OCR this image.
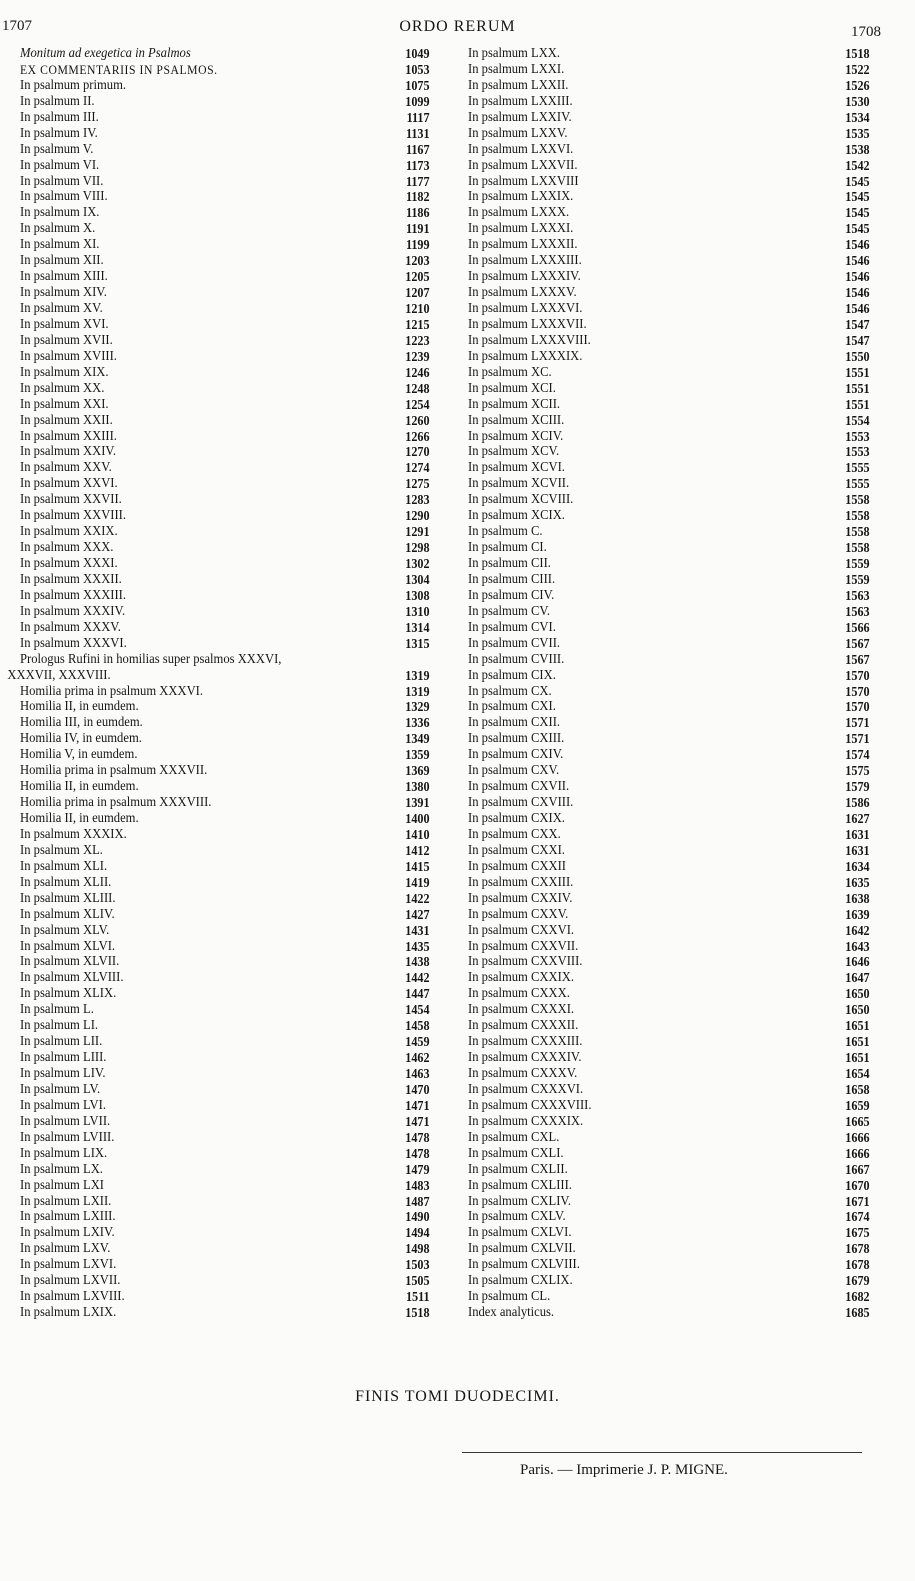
1707	ORDO RERUM	1708
Monitum ad exegetica in Psalmos	1049
EX COMMENTARIIS IN PSALMOS.	1053
In psalmum primum.	1075
In psalmum II.	1099
In psalmum III.	1117
In psalmum IV.	1131
In psalmum V.	1167
In psalmum VI.	1173
In psalmum VII.	1177
In psalmum VIII.	1182
In psalmum IX.	1186
In psalmum X.	1191
In psalmum XI.	1199
In psalmum XII.	1203
In psalmum XIII.	1205
In psalmum XIV.	1207
In psalmum XV.	1210
In psalmum XVI.	1215
In psalmum XVII.	1223
In psalmum XVIII.	1239
In psalmum XIX.	1246
In psalmum XX.	1248
In psalmum XXI.	1254
In psalmum XXII.	1260
In psalmum XXIII.	1266
In psalmum XXIV.	1270
In psalmum XXV.	1274
In psalmum XXVI.	1275
In psalmum XXVII.	1283
In psalmum XXVIII.	1290
In psalmum XXIX.	1291
In psalmum XXX.	1298
In psalmum XXXI.	1302
In psalmum XXXII.	1304
In psalmum XXXIII.	1308
In psalmum XXXIV.	1310
In psalmum XXXV.	1314
In psalmum XXXVI.	1315
Prologus Rufini in homilias super psalmos XXXVI,
XXXVII, XXXVIII.	1319
Homilia prima in psalmum XXXVI.	1319
Homilia II, in eumdem.	1329
Homilia III, in eumdem.	1336
Homilia IV, in eumdem.	1349
Homilia V, in eumdem.	1359
Homilia prima in psalmum XXXVII.	1369
Homilia II, in eumdem.	1380
Homilia prima in psalmum XXXVIII.	1391
Homilia II, in eumdem.	1400
In psalmum XXXIX.	1410
In psalmum XL.	1412
In psalmum XLI.	1415
In psalmum XLII.	1419
In psalmum XLIII.	1422
In psalmum XLIV.	1427
In psalmum XLV.	1431
In psalmum XLVI.	1435
In psalmum XLVII.	1438
In psalmum XLVIII.	1442
In psalmum XLIX.	1447
In psalmum L.	1454
In psalmum LI.	1458
In psalmum LII.	1459
In psalmum LIII.	1462
In psalmum LIV.	1463
In psalmum LV.	1470
In psalmum LVI.	1471
In psalmum LVII.	1471
In psalmum LVIII.	1478
In psalmum LIX.	1478
In psalmum LX.	1479
In psalmum LXI	1483
In psalmum LXII.	1487
In psalmum LXIII.	1490
In psalmum LXIV.	1494
In psalmum LXV.	1498
In psalmum LXVI.	1503
In psalmum LXVII.	1505
In psalmum LXVIII.	1511
In psalmum LXIX.	1518
In psalmum LXX.	1518
In psalmum LXXI.	1522
In psalmum LXXII.	1526
In psalmum LXXIII.	1530
In psalmum LXXIV.	1534
In psalmum LXXV.	1535
In psalmum LXXVI.	1538
In psalmum LXXVII.	1542
In psalmum LXXVIII	1545
In psalmum LXXIX.	1545
In psalmum LXXX.	1545
In psalmum LXXXI.	1545
In psalmum LXXXII.	1546
In psalmum LXXXIII.	1546
In psalmum LXXXIV.	1546
In psalmum LXXXV.	1546
In psalmum LXXXVI.	1546
In psalmum LXXXVII.	1547
In psalmum LXXXVIII.	1547
In psalmum LXXXIX.	1550
In psalmum XC.	1551
In psalmum XCI.	1551
In psalmum XCII.	1551
In psalmum XCIII.	1554
In psalmum XCIV.	1553
In psalmum XCV.	1553
In psalmum XCVI.	1555
In psalmum XCVII.	1555
In psalmum XCVIII.	1558
In psalmum XCIX.	1558
In psalmum C.	1558
In psalmum CI.	1558
In psalmum CII.	1559
In psalmum CIII.	1559
In psalmum CIV.	1563
In psalmum CV.	1563
In psalmum CVI.	1566
In psalmum CVII.	1567
In psalmum CVIII.	1567
In psalmum CIX.	1570
In psalmum CX.	1570
In psalmum CXI.	1570
In psalmum CXII.	1571
In psalmum CXIII.	1571
In psalmum CXIV.	1574
In psalmum CXV.	1575
In psalmum CXVII.	1579
In psalmum CXVIII.	1586
In psalmum CXIX.	1627
In psalmum CXX.	1631
In psalmum CXXI.	1631
In psalmum CXXII	1634
In psalmum CXXIII.	1635
In psalmum CXXIV.	1638
In psalmum CXXV.	1639
In psalmum CXXVI.	1642
In psalmum CXXVII.	1643
In psalmum CXXVIII.	1646
In psalmum CXXIX.	1647
In psalmum CXXX.	1650
In psalmum CXXXI.	1650
In psalmum CXXXII.	1651
In psalmum CXXXIII.	1651
In psalmum CXXXIV.	1651
In psalmum CXXXV.	1654
In psalmum CXXXVI.	1658
In psalmum CXXXVIII.	1659
In psalmum CXXXIX.	1665
In psalmum CXL.	1666
In psalmum CXLI.	1666
In psalmum CXLII.	1667
In psalmum CXLIII.	1670
In psalmum CXLIV.	1671
In psalmum CXLV.	1674
In psalmum CXLVI.	1675
In psalmum CXLVII.	1678
In psalmum CXLVIII.	1678
In psalmum CXLIX.	1679
In psalmum CL.	1682
Index analyticus.	1685
FINIS TOMI DUODECIMI.
Paris. — Imprimerie J. P. MIGNE.
